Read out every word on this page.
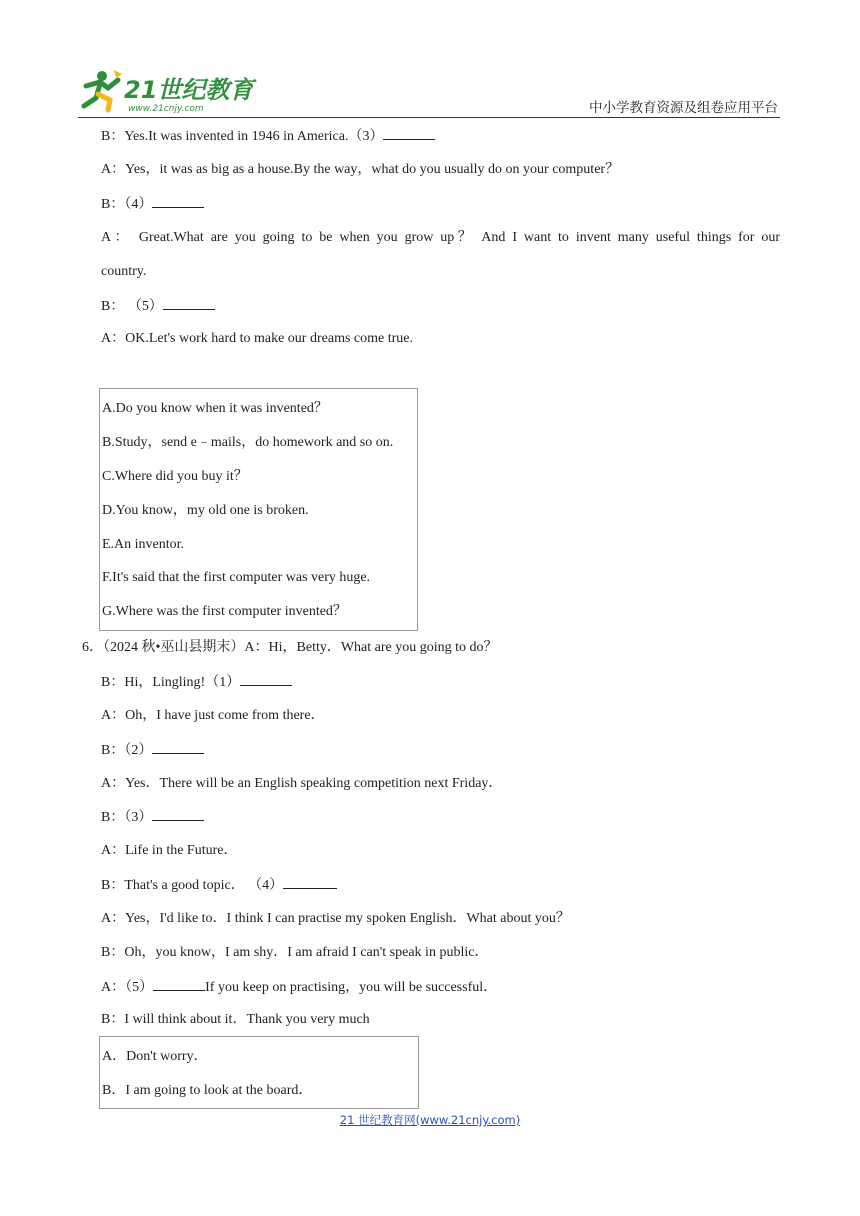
21世纪教育
www.21cnjy.com	中小学教育资源及组卷应用平台
B：Yes.It was invented in 1946 in America.（3）
A：Yes，it was as big as a house.By the way，what do you usually do on your computer？
B：（4）
A： Great.What are you going to be when you grow up？ And I want to invent many useful things for our
country.
B： （5）
A：OK.Let's work hard to make our dreams come true.
A.Do you know when it was invented？
B.Study，send e﹣mails，do homework and so on.
C.Where did you buy it？
D.You know，my old one is broken.
E.An inventor.
F.It's said that the first computer was very huge.
G.Where was the first computer invented？
6．（2024 秋•巫山县期末）A：Hi，Betty．What are you going to do？
B：Hi，Lingling!（1）
A：Oh，I have just come from there．
B：（2）
A：Yes．There will be an English speaking competition next Friday．
B：（3）
A：Life in the Future．
B：That's a good topic． （4）
A：Yes，I'd like to．I think I can practise my spoken English．What about you？
B：Oh，you know，I am shy．I am afraid I can't speak in public．
A：（5）	If you keep on practising，you will be successful．
B：I will think about it．Thank you very much
A．Don't worry．
B．I am going to look at the board．
21 世纪教育网(www.21cnjy.com)
